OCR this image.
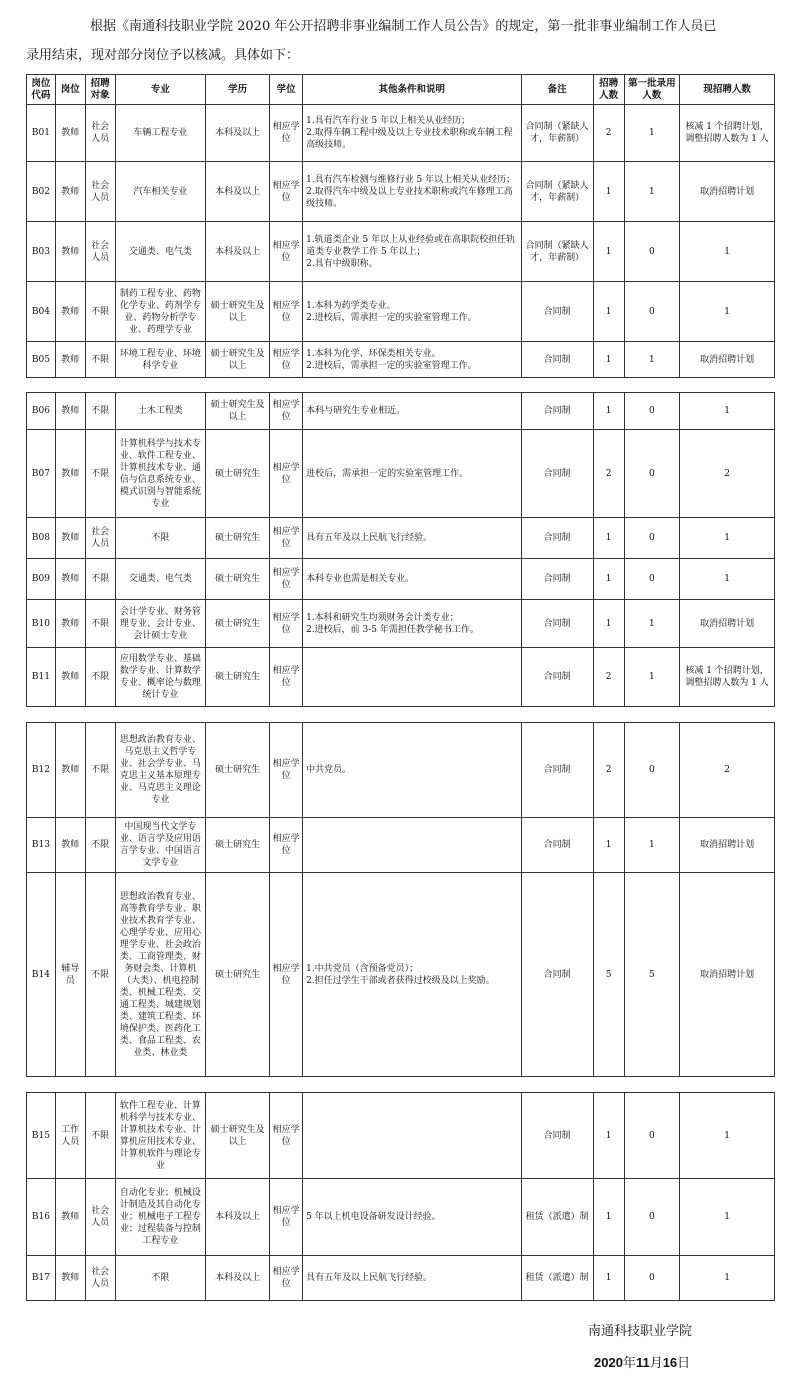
根据《南通科技职业学院 2020 年公开招聘非事业编制工作人员公告》的规定，第一批非事业编制工作人员已

录用结束，现对部分岗位予以核减。具体如下：

岗位代码	岗位	招聘对象	专业	学历	学位	其他条件和说明	备注	招聘人数	第一批录用人数	现招聘人数
B01	教师	社会人员	车辆工程专业	本科及以上	相应学位	1.具有汽车行业 5 年以上相关从业经历；
2.取得车辆工程中级及以上专业技术职称或车辆工程高级技师。	合同制（紧缺人才，年薪制）	2	1	核减 1 个招聘计划，调整招聘人数为 1 人
B02	教师	社会人员	汽车相关专业	本科及以上	相应学位	1.具有汽车检测与维修行业 5 年以上相关从业经历；
2.取得汽车中级及以上专业技术职称或汽车修理工高级技师。	合同制（紧缺人才，年薪制）	1	1	取消招聘计划
B03	教师	社会人员	交通类、电气类	本科及以上	相应学位	1.轨道类企业 5 年以上从业经验或在高职院校担任轨道类专业教学工作 5 年以上；
2.具有中级职称。	合同制（紧缺人才，年薪制）	1	0	1
B04	教师	不限	制药工程专业、药物化学专业、药剂学专业、药物分析学专业、药理学专业	硕士研究生及以上	相应学位	1.本科为药学类专业。
2.进校后，需承担一定的实验室管理工作。	合同制	1	0	1
B05	教师	不限	环境工程专业、环境科学专业	硕士研究生及以上	相应学位	1.本科为化学、环保类相关专业。
2.进校后，需承担一定的实验室管理工作。	合同制	1	1	取消招聘计划
B06	教师	不限	土木工程类	硕士研究生及以上	相应学位	本科与研究生专业相近。	合同制	1	0	1
B07	教师	不限	计算机科学与技术专业、软件工程专业、计算机技术专业、通信与信息系统专业、模式识别与智能系统专业	硕士研究生	相应学位	进校后，需承担一定的实验室管理工作。	合同制	2	0	2
B08	教师	社会人员	不限	硕士研究生	相应学位	具有五年及以上民航飞行经验。	合同制	1	0	1
B09	教师	不限	交通类、电气类	硕士研究生	相应学位	本科专业也需是相关专业。	合同制	1	0	1
B10	教师	不限	会计学专业、财务管理专业、会计专业、会计硕士专业	硕士研究生	相应学位	1.本科和研究生均须财务会计类专业；
2.进校后，前 3-5 年需担任教学秘书工作。	合同制	1	1	取消招聘计划
B11	教师	不限	应用数学专业、基础数学专业、计算数学专业、概率论与数理统计专业	硕士研究生	相应学位		合同制	2	1	核减 1 个招聘计划，调整招聘人数为 1 人
B12	教师	不限	思想政治教育专业、马克思主义哲学专业、社会学专业、马克思主义基本原理专业、马克思主义理论专业	硕士研究生	相应学位	中共党员。	合同制	2	0	2
B13	教师	不限	中国现当代文学专业、语言学及应用语言学专业、中国语言文学专业	硕士研究生	相应学位		合同制	1	1	取消招聘计划
B14	辅导员	不限	思想政治教育专业、高等教育学专业、职业技术教育学专业、心理学专业、应用心理学专业、社会政治类、工商管理类、财务财会类、计算机（大类）、机电控制类、机械工程类、交通工程类、城建规划类、建筑工程类、环境保护类、医药化工类、食品工程类、农业类、林业类	硕士研究生	相应学位	1.中共党员（含预备党员）；
2.担任过学生干部或者获得过校级及以上奖励。	合同制	5	5	取消招聘计划
B15	工作人员	不限	软件工程专业、计算机科学与技术专业、计算机技术专业、计算机应用技术专业、计算机软件与理论专业	硕士研究生及以上	相应学位		合同制	1	0	1
B16	教师	社会人员	自动化专业；机械设计制造及其自动化专业；机械电子工程专业；过程装备与控制工程专业	本科及以上	相应学位	5 年以上机电设备研发设计经验。	租赁（派遣）制	1	0	1
B17	教师	社会人员	不限	本科及以上	相应学位	具有五年及以上民航飞行经验。	租赁（派遣）制	1	0	1
南通科技职业学院
2020年11月16日
